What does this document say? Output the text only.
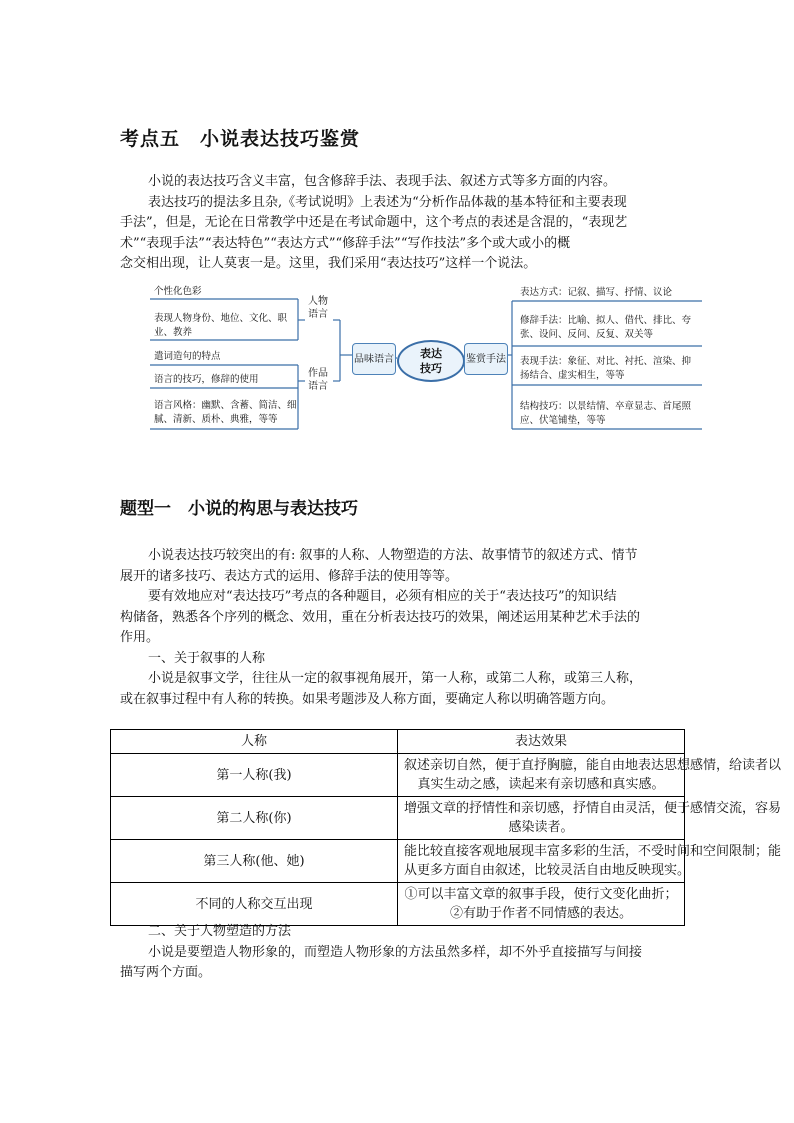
考点五　小说表达技巧鉴赏
小说的表达技巧含义丰富，包含修辞手法、表现手法、叙述方式等多方面的内容。
表达技巧的提法多且杂,《考试说明》上表述为“分析作品体裁的基本特征和主要表现
手法”，但是，无论在日常教学中还是在考试命题中，这个考点的表述是含混的，“表现艺
术”“表现手法”“表达特色”“表达方式”“修辞手法”“写作技法”多个或大或小的概
念交相出现，让人莫衷一是。这里，我们采用“表达技巧”这样一个说法。
个性化色彩
表现人物身份、地位、文化、职业、教养
遣词造句的特点
语言的技巧，修辞的使用
语言风格：幽默、含蓄、简洁、细腻、清新、质朴、典雅，等等
人物语言
作品语言
品味语言	表达技巧
鉴赏手法
表达方式：记叙、描写、抒情、议论
修辞手法：比喻、拟人、借代、排比、夸张、设问、反问、反复、双关等
表现手法：象征、对比、衬托、渲染、抑扬结合、虚实相生，等等
结构技巧：以景结情、卒章显志、首尾照应、伏笔铺垫，等等
题型一　小说的构思与表达技巧
小说表达技巧较突出的有: 叙事的人称、人物塑造的方法、故事情节的叙述方式、情节
展开的诸多技巧、表达方式的运用、修辞手法的使用等等。
要有效地应对“表达技巧”考点的各种题目，必须有相应的关于“表达技巧”的知识结
构储备，熟悉各个序列的概念、效用，重在分析表达技巧的效果，阐述运用某种艺术手法的
作用。
一、关于叙事的人称
小说是叙事文学，往往从一定的叙事视角展开，第一人称，或第二人称，或第三人称，
或在叙事过程中有人称的转换。如果考题涉及人称方面，要确定人称以明确答题方向。
人称	表达效果
第一人称(我)	叙述亲切自然，便于直抒胸臆，能自由地表达思想感情，给读者以
真实生动之感，读起来有亲切感和真实感。

第二人称(你)	增强文章的抒情性和亲切感，抒情自由灵活，便于感情交流，容易
感染读者。

第三人称(他、她)	能比较直接客观地展现丰富多彩的生活，不受时间和空间限制；能
从更多方面自由叙述，比较灵活自由地反映现实。

不同的人称交互出现	①可以丰富文章的叙事手段，使行文变化曲折；
②有助于作者不同情感的表达。
二、关于人物塑造的方法
小说是要塑造人物形象的，而塑造人物形象的方法虽然多样，却不外乎直接描写与间接
描写两个方面。
